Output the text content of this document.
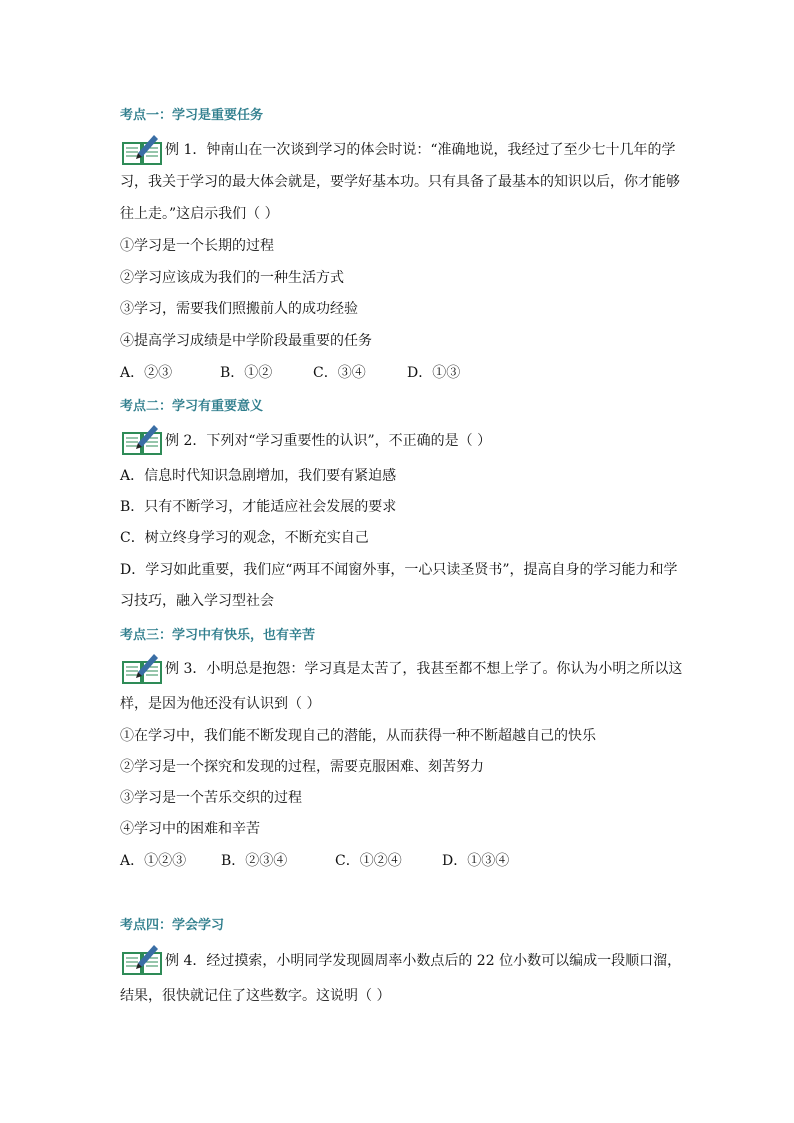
考点一：学习是重要任务
例 1．钟南山在一次谈到学习的体会时说：“准确地说，我经过了至少七十几年的学
习，我关于学习的最大体会就是，要学好基本功。只有具备了最基本的知识以后，你才能够
往上走。”这启示我们（ ）
①学习是一个长期的过程
②学习应该成为我们的一种生活方式
③学习，需要我们照搬前人的成功经验
④提高学习成绩是中学阶段最重要的任务
A．②③	B．①②	C．③④	D．①③
考点二：学习有重要意义
例 2．下列对“学习重要性的认识”，不正确的是（ ）
A．信息时代知识急剧增加，我们要有紧迫感
B．只有不断学习，才能适应社会发展的要求
C．树立终身学习的观念，不断充实自己
D．学习如此重要，我们应“两耳不闻窗外事，一心只读圣贤书”，提高自身的学习能力和学
习技巧，融入学习型社会
考点三：学习中有快乐，也有辛苦
例 3．小明总是抱怨：学习真是太苦了，我甚至都不想上学了。你认为小明之所以这
样，是因为他还没有认识到（ ）
①在学习中，我们能不断发现自己的潜能，从而获得一种不断超越自己的快乐
②学习是一个探究和发现的过程，需要克服困难、刻苦努力
③学习是一个苦乐交织的过程
④学习中的困难和辛苦
A．①②③ B．②③④	C．①②④	D．①③④
考点四：学会学习
例 4．经过摸索，小明同学发现圆周率小数点后的 22 位小数可以编成一段顺口溜，
结果，很快就记住了这些数字。这说明（ ）
